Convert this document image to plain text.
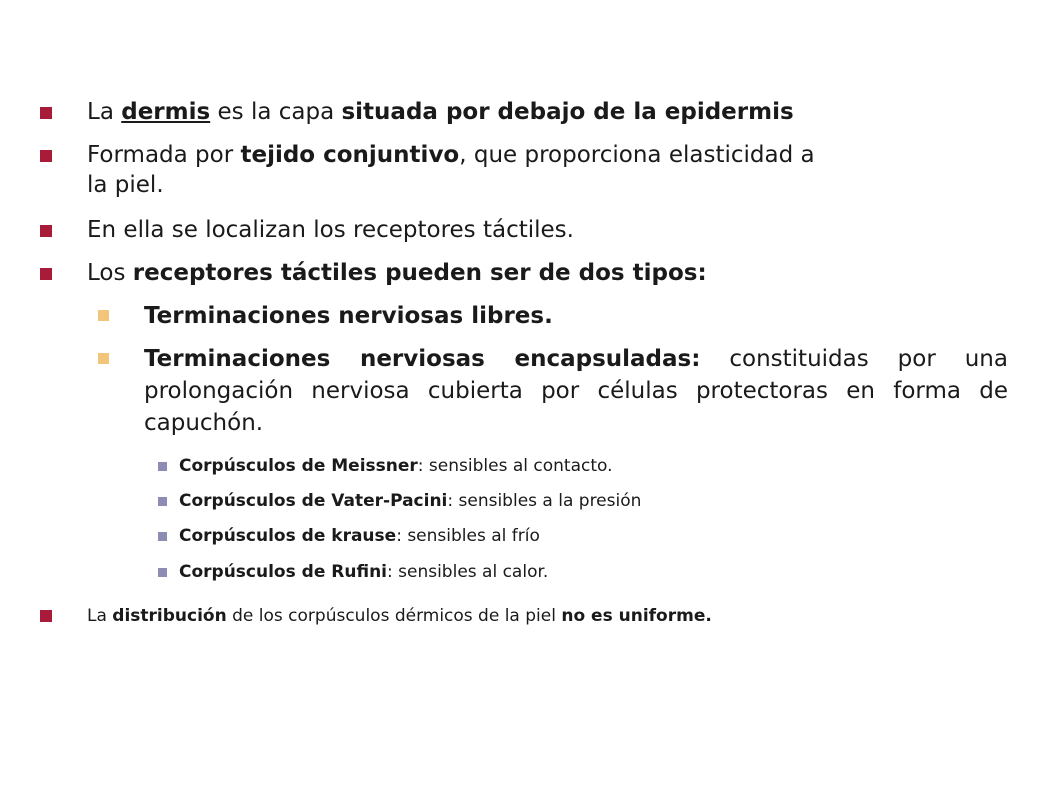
La dermis es la capa situada por debajo de la epidermis
Formada por tejido conjuntivo, que proporciona elasticidad a la piel.
En ella se localizan los receptores táctiles.
Los receptores táctiles pueden ser de dos tipos:
Terminaciones nerviosas libres.
Terminaciones nerviosas encapsuladas: constituidas por una prolongación nerviosa cubierta por células protectoras en forma de capuchón.
Corpúsculos de Meissner: sensibles al contacto.
Corpúsculos de Vater-Pacini: sensibles a la presión
Corpúsculos de krause: sensibles al frío
Corpúsculos de Rufini: sensibles al calor.
La distribución de los corpúsculos dérmicos de la piel no es uniforme.
